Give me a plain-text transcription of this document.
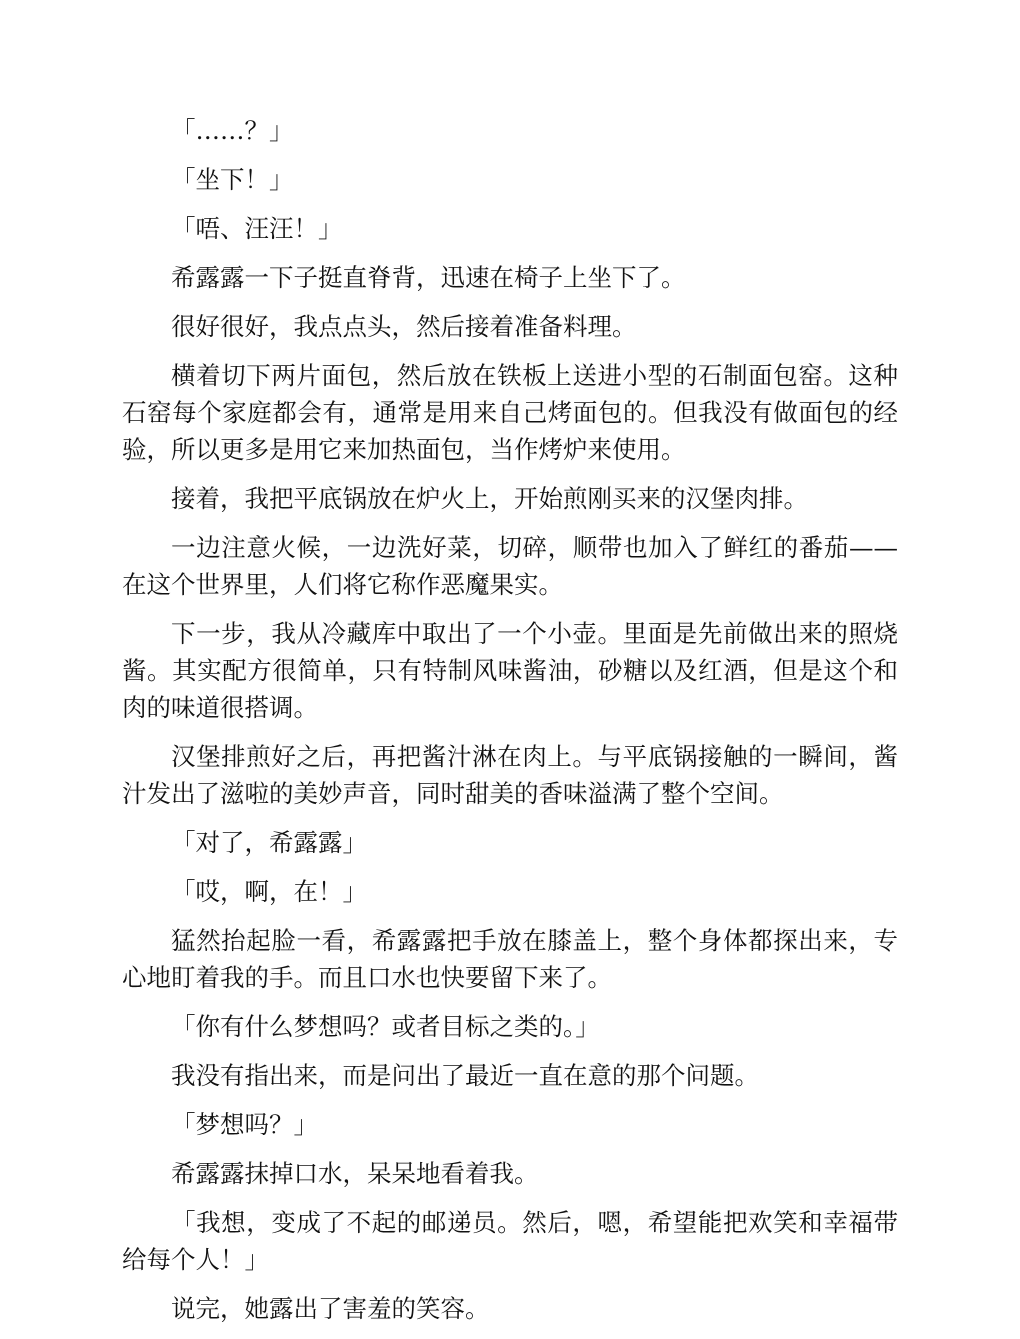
「……？」

「坐下！」

「唔、汪汪！」

希露露一下子挺直脊背，迅速在椅子上坐下了。

很好很好，我点点头，然后接着准备料理。

横着切下两片面包，然后放在铁板上送进小型的石制面包窑。这种石窑每个家庭都会有，通常是用来自己烤面包的。但我没有做面包的经验，所以更多是用它来加热面包，当作烤炉来使用。

接着，我把平底锅放在炉火上，开始煎刚买来的汉堡肉排。

一边注意火候，一边洗好菜，切碎，顺带也加入了鲜红的番茄——在这个世界里，人们将它称作恶魔果实。

下一步，我从冷藏库中取出了一个小壶。里面是先前做出来的照烧酱。其实配方很简单，只有特制风味酱油，砂糖以及红酒，但是这个和肉的味道很搭调。

汉堡排煎好之后，再把酱汁淋在肉上。与平底锅接触的一瞬间，酱汁发出了滋啦的美妙声音，同时甜美的香味溢满了整个空间。

「对了，希露露」

「哎，啊，在！」

猛然抬起脸一看，希露露把手放在膝盖上，整个身体都探出来，专心地盯着我的手。而且口水也快要留下来了。

「你有什么梦想吗？或者目标之类的。」

我没有指出来，而是问出了最近一直在意的那个问题。

「梦想吗？」

希露露抹掉口水，呆呆地看着我。

「我想，变成了不起的邮递员。然后，嗯，希望能把欢笑和幸福带给每个人！」

说完，她露出了害羞的笑容。
